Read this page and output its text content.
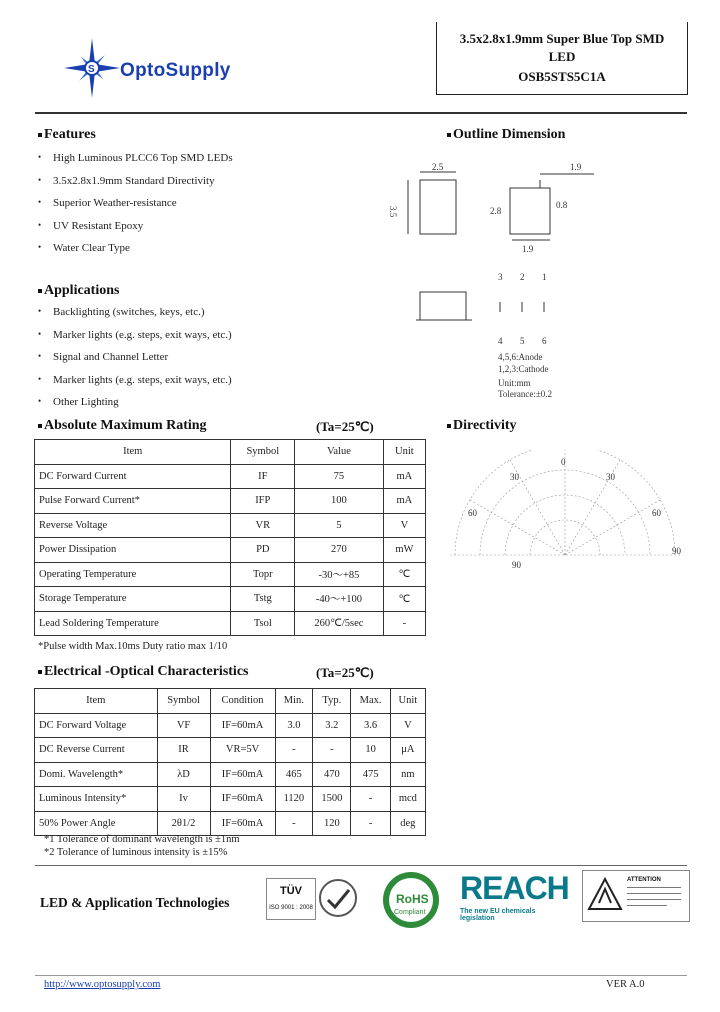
S OptoSupply
3.5x2.8x1.9mm Super Blue Top SMD
LED
OSB5STS5C1A
Features
• High Luminous PLCC6 Top SMD LEDs
• 3.5x2.8x1.9mm Standard Directivity
• Superior Weather-resistance
• UV Resistant Epoxy
• Water Clear Type
Applications
• Backlighting (switches, keys, etc.)
• Marker lights (e.g. steps, exit ways, etc.)
• Signal and Channel Letter
• Marker lights (e.g. steps, exit ways, etc.)
• Other Lighting
Outline Dimension
2.5
3.5
1.9
2.8
1.9
0.8
3 2 1
4 5 6
4,5,6:Anode
1,2,3:Cathode
Unit:mm
Tolerance:±0.2
Absolute Maximum Rating	(Ta=25℃)
Item	Symbol	Value	Unit
DC Forward Current	IF	75	mA
Pulse Forward Current*	IFP	100	mA
Reverse Voltage	VR	5	V
Power Dissipation	PD	270	mW
Operating Temperature	Topr	-30～+85	℃
Storage Temperature	Tstg	-40～+100	℃
Lead Soldering Temperature	Tsol	260℃/5sec	-
*Pulse width Max.10ms Duty ratio max 1/10
Directivity
0
30
60
90
30
60
90
Electrical -Optical Characteristics	(Ta=25℃)
Item	Symbol	Condition	Min.	Typ.	Max.	Unit
DC Forward Voltage	VF	IF=60mA	3.0	3.2	3.6	V
DC Reverse Current	IR	VR=5V	-	-	10	μA
Domi. Wavelength*	λD	IF=60mA	465	470	475	nm
Luminous Intensity*	Iv	IF=60mA	1120	1500	-	mcd
50% Power Angle	2θ1/2	IF=60mA	-	120	-	deg
*1 Tolerance of dominant wavelength is ±1nm
*2 Tolerance of luminous intensity is ±15%
LED & Application Technologies
TÜV
ISO 9001 : 2008
RoHS
Compliant
REACH
The new EU chemicals legislation
ATTENTION
http://www.optosupply.com	VER A.0
